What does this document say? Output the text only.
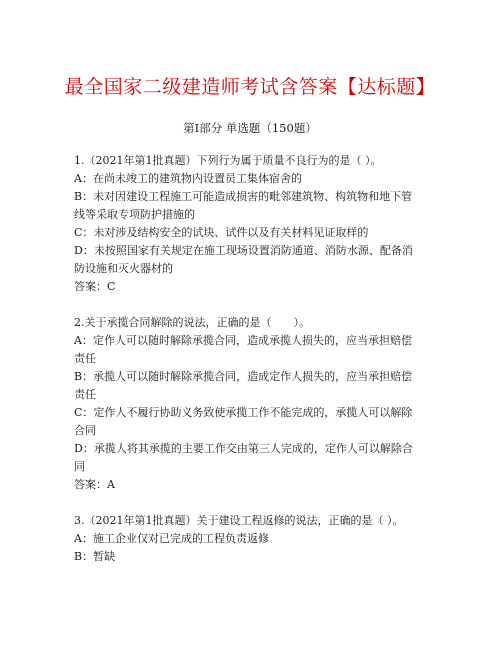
最全国家二级建造师考试含答案【达标题】
第Ⅰ部分 单选题（150题）
1.（2021年第1批真题）下列行为属于质量不良行为的是（ ）。
A：在尚未竣工的建筑物内设置员工集体宿舍的
B：未对因建设工程施工可能造成损害的毗邻建筑物、构筑物和地下管
线等采取专项防护措施的
C：未对涉及结构安全的试块、试件以及有关材料见证取样的
D：未按照国家有关规定在施工现场设置消防通道、消防水源、配备消
防设施和灭火器材的
答案：C
2.关于承揽合同解除的说法，正确的是（　　）。
A：定作人可以随时解除承揽合同，造成承揽人损失的，应当承担赔偿
责任
B：承揽人可以随时解除承揽合同，造成定作人损失的，应当承担赔偿
责任
C：定作人不履行协助义务致使承揽工作不能完成的，承揽人可以解除
合同
D：承揽人将其承揽的主要工作交由第三人完成的，定作人可以解除合
同
答案：A
3.（2021年第1批真题）关于建设工程返修的说法，正确的是（ ）。
A：施工企业仅对已完成的工程负责返修
B：暂缺
